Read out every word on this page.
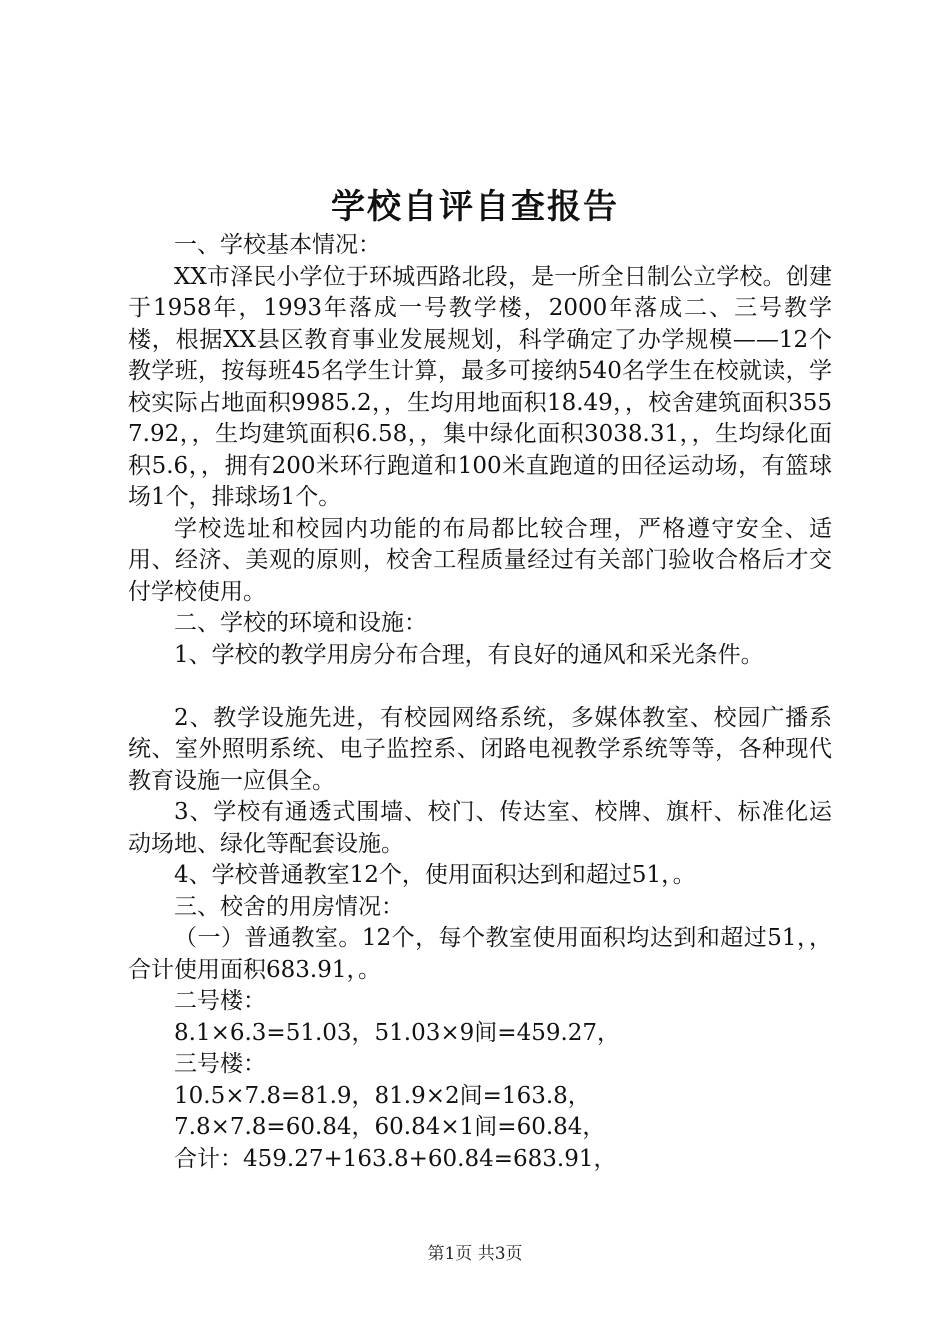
学校自评自查报告

一、学校基本情况：

XX市泽民小学位于环城西路北段，是一所全日制公立学校。创建于1958年，1993年落成一号教学楼，2000年落成二、三号教学楼，根据XX县区教育事业发展规划，科学确定了办学规模——12个教学班，按每班45名学生计算，最多可接纳540名学生在校就读，学校实际占地面积9985.2，，生均用地面积18.49，，校舍建筑面积3557.92，，生均建筑面积6.58，，集中绿化面积3038.31，，生均绿化面积5.6，，拥有200米环行跑道和100米直跑道的田径运动场，有篮球场1个，排球场1个。

学校选址和校园内功能的布局都比较合理，严格遵守安全、适用、经济、美观的原则，校舍工程质量经过有关部门验收合格后才交付学校使用。

二、学校的环境和设施：

1、学校的教学用房分布合理，有良好的通风和采光条件。

2、教学设施先进，有校园网络系统，多媒体教室、校园广播系统、室外照明系统、电子监控系、闭路电视教学系统等等，各种现代教育设施一应俱全。

3、学校有通透式围墙、校门、传达室、校牌、旗杆、标准化运动场地、绿化等配套设施。

4、学校普通教室12个，使用面积达到和超过51，。

三、校舍的用房情况：

（一）普通教室。12个，每个教室使用面积均达到和超过51，，合计使用面积683.91，。

二号楼：

8.1×6.3=51.03，51.03×9间=459.27，

三号楼：

10.5×7.8=81.9，81.9×2间=163.8，

7.8×7.8=60.84，60.84×1间=60.84，

合计：459.27+163.8+60.84=683.91，

第1页 共3页
